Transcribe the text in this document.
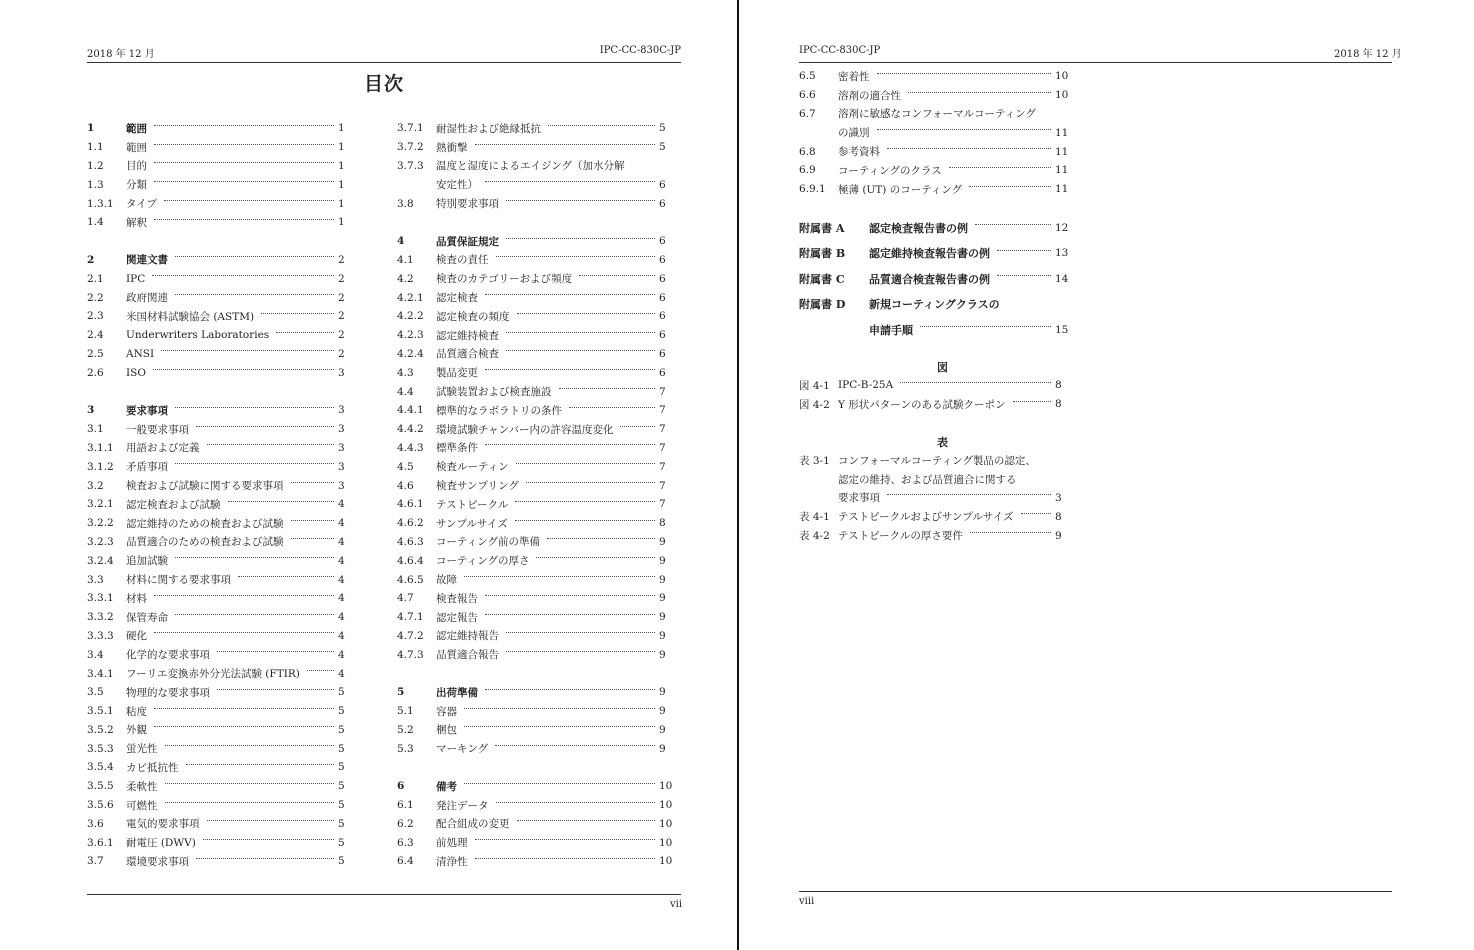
2018 年 12 月	IPC-CC-830C-JP
目次
1	範囲	1
1.1	範囲	1
1.2	目的	1
1.3	分類	1
1.3.1	タイプ	1
1.4	解釈	1
2	関連文書	2
2.1	IPC	2
2.2	政府関連	2
2.3	米国材料試験協会 (ASTM)	2
2.4	Underwriters Laboratories	2
2.5	ANSI	2
2.6	ISO	3
3	要求事項	3
3.1	一般要求事項	3
3.1.1	用語および定義	3
3.1.2	矛盾事項	3
3.2	検査および試験に関する要求事項	3
3.2.1	認定検査および試験	4
3.2.2	認定維持のための検査および試験	4
3.2.3	品質適合のための検査および試験	4
3.2.4	追加試験	4
3.3	材料に関する要求事項	4
3.3.1	材料	4
3.3.2	保管寿命	4
3.3.3	硬化	4
3.4	化学的な要求事項	4
3.4.1	フーリエ変換赤外分光法試験 (FTIR)	4
3.5	物理的な要求事項	5
3.5.1	粘度	5
3.5.2	外観	5
3.5.3	蛍光性	5
3.5.4	カビ抵抗性	5
3.5.5	柔軟性	5
3.5.6	可燃性	5
3.6	電気的要求事項	5
3.6.1	耐電圧 (DWV)	5
3.7	環境要求事項	5
3.7.1	耐湿性および絶縁抵抗	5
3.7.2	熱衝撃	5
3.7.3	温度と湿度によるエイジング（加水分解
安定性）	6
3.8	特別要求事項	6
4	品質保証規定	6
4.1	検査の責任	6
4.2	検査のカテゴリーおよび頻度	6
4.2.1	認定検査	6
4.2.2	認定検査の頻度	6
4.2.3	認定維持検査	6
4.2.4	品質適合検査	6
4.3	製品変更	6
4.4	試験装置および検査施設	7
4.4.1	標準的なラボラトリの条件	7
4.4.2	環境試験チャンバー内の許容温度変化	7
4.4.3	標準条件	7
4.5	検査ルーティン	7
4.6	検査サンプリング	7
4.6.1	テストピークル	7
4.6.2	サンプルサイズ	8
4.6.3	コーティング前の準備	9
4.6.4	コーティングの厚さ	9
4.6.5	故障	9
4.7	検査報告	9
4.7.1	認定報告	9
4.7.2	認定維持報告	9
4.7.3	品質適合報告	9
5	出荷準備	9
5.1	容器	9
5.2	梱包	9
5.3	マーキング	9
6	備考	10
6.1	発注データ	10
6.2	配合組成の変更	10
6.3	前処理	10
6.4	清浄性	10
vii
IPC-CC-830C-JP	2018 年 12 月
6.5	密着性	10
6.6	溶剤の適合性	10
6.7	溶剤に敏感なコンフォーマルコーティング
の識別	11
6.8	参考資料	11
6.9	コーティングのクラス	11
6.9.1	極薄 (UT) のコーティング	11
附属書 A	認定検査報告書の例	12
附属書 B	認定維持検査報告書の例	13
附属書 C	品質適合検査報告書の例	14
附属書 D	新規コーティングクラスの
申請手順	15
図
図 4-1 IPC-B-25A	8
図 4-2 Y 形状パターンのある試験クーポン	8
表
表 3-1 コンフォーマルコーティング製品の認定、
認定の維持、および品質適合に関する
要求事項	3
表 4-1 テストピークルおよびサンプルサイズ	8
表 4-2 テストピークルの厚さ要件	9
viii
